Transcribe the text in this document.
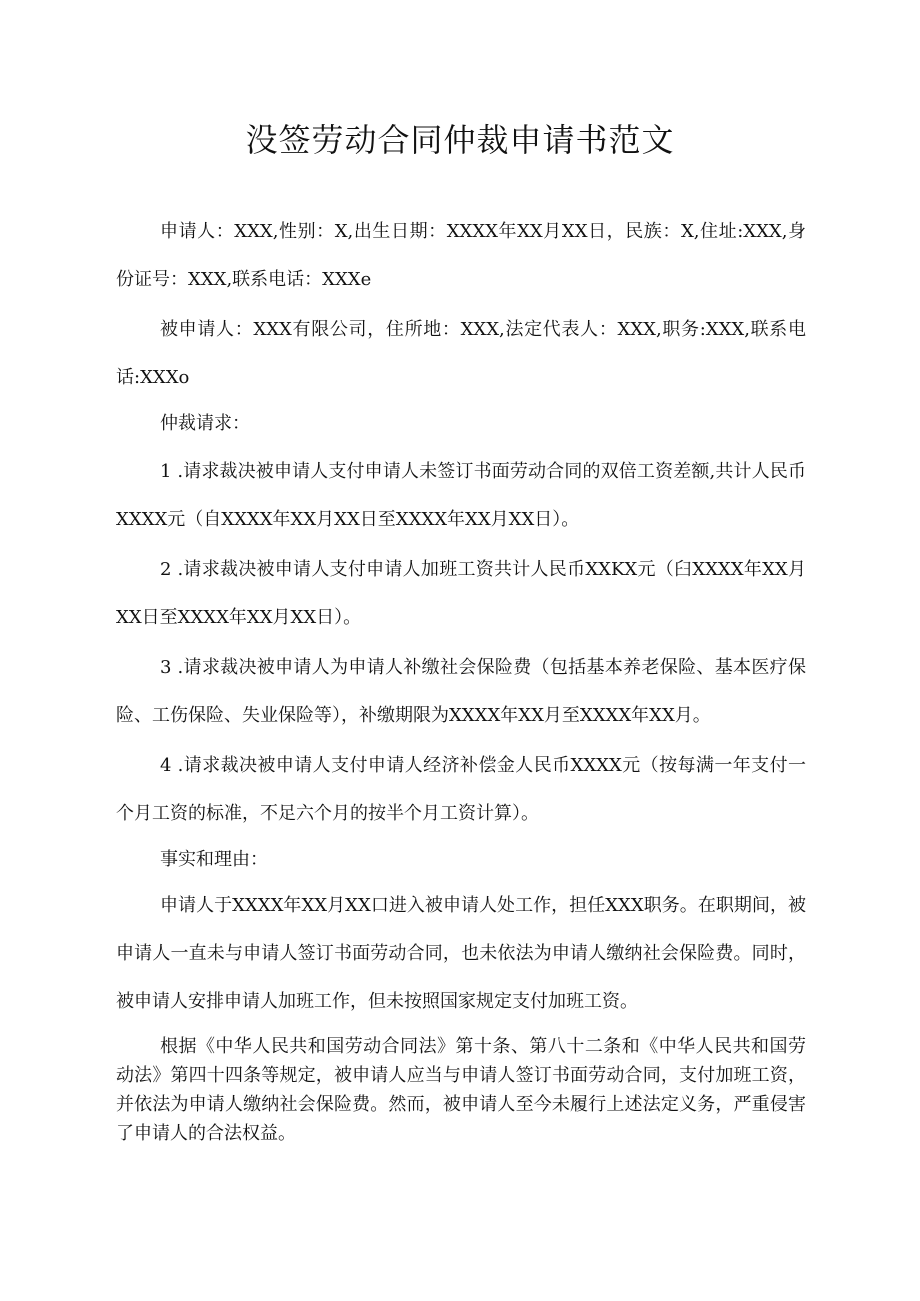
没签劳动合同仲裁申请书范文

申请人：XXX,性别：X,出生日期：XXXX年XX月XX日，民族：X,住址:XXX,身份证号：XXX,联系电话：XXXe

被申请人：XXX有限公司，住所地：XXX,法定代表人：XXX,职务:XXX,联系电话:XXXo

仲裁请求：

1 .请求裁决被申请人支付申请人未签订书面劳动合同的双倍工资差额,共计人民币XXXX元（自XXXX年XX月XX日至XXXX年XX月XX日）。

2 .请求裁决被申请人支付申请人加班工资共计人民币XXKX元（臼XXXX年XX月XX日至XXXX年XX月XX日）。

3 .请求裁决被申请人为申请人补缴社会保险费（包括基本养老保险、基本医疗保险、工伤保险、失业保险等），补缴期限为XXXX年XX月至XXXX年XX月。

4 .请求裁决被申请人支付申请人经济补偿金人民币XXXX元（按每满一年支付一个月工资的标准，不足六个月的按半个月工资计算）。

事实和理由：

申请人于XXXX年XX月XX口进入被申请人处工作，担任XXX职务。在职期间，被申请人一直未与申请人签订书面劳动合同，也未依法为申请人缴纳社会保险费。同时，被申请人安排申请人加班工作，但未按照国家规定支付加班工资。

根据《中华人民共和国劳动合同法》第十条、第八十二条和《中华人民共和国劳动法》第四十四条等规定，被申请人应当与申请人签订书面劳动合同，支付加班工资，并依法为申请人缴纳社会保险费。然而，被申请人至今未履行上述法定义务，严重侵害了申请人的合法权益。
